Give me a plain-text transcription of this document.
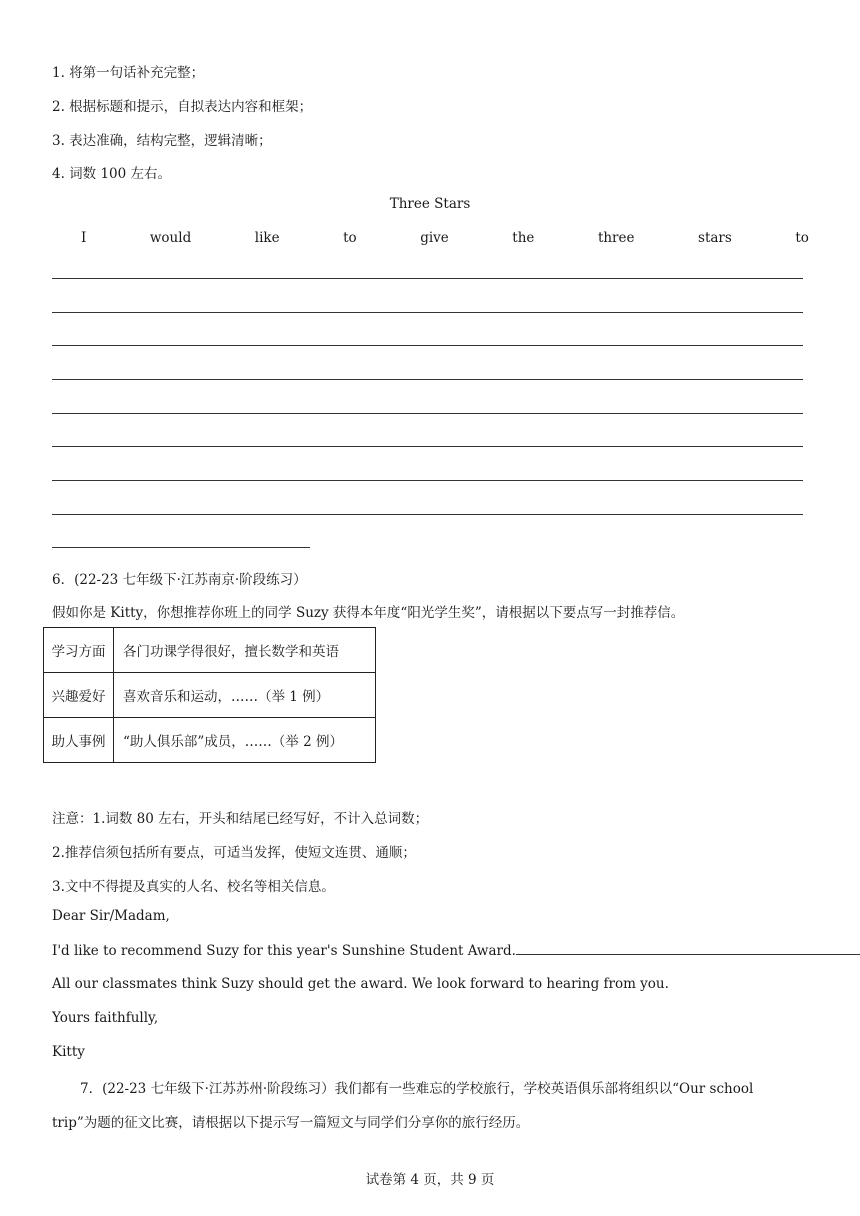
1. 将第一句话补充完整；
2. 根据标题和提示，自拟表达内容和框架；
3. 表达准确，结构完整，逻辑清晰；
4. 词数 100 左右。
Three Stars
I	would	like	to	give	the	three	stars	to
6．(22-23 七年级下·江苏南京·阶段练习）
假如你是 Kitty，你想推荐你班上的同学 Suzy 获得本年度“阳光学生奖”，请根据以下要点写一封推荐信。
学习方面	各门功课学得很好，擅长数学和英语
兴趣爱好	喜欢音乐和运动，……（举 1 例）
助人事例	“助人俱乐部”成员，……（举 2 例）
注意：1.词数 80 左右，开头和结尾已经写好，不计入总词数；
2.推荐信须包括所有要点，可适当发挥，使短文连贯、通顺；
3.文中不得提及真实的人名、校名等相关信息。
Dear Sir/Madam,
I'd like to recommend Suzy for this year's Sunshine Student Award.
All our classmates think Suzy should get the award. We look forward to hearing from you.
Yours faithfully,
Kitty
7．(22-23 七年级下·江苏苏州·阶段练习）我们都有一些难忘的学校旅行，学校英语俱乐部将组织以“Our school
trip”为题的征文比赛，请根据以下提示写一篇短文与同学们分享你的旅行经历。
试卷第 4 页，共 9 页
